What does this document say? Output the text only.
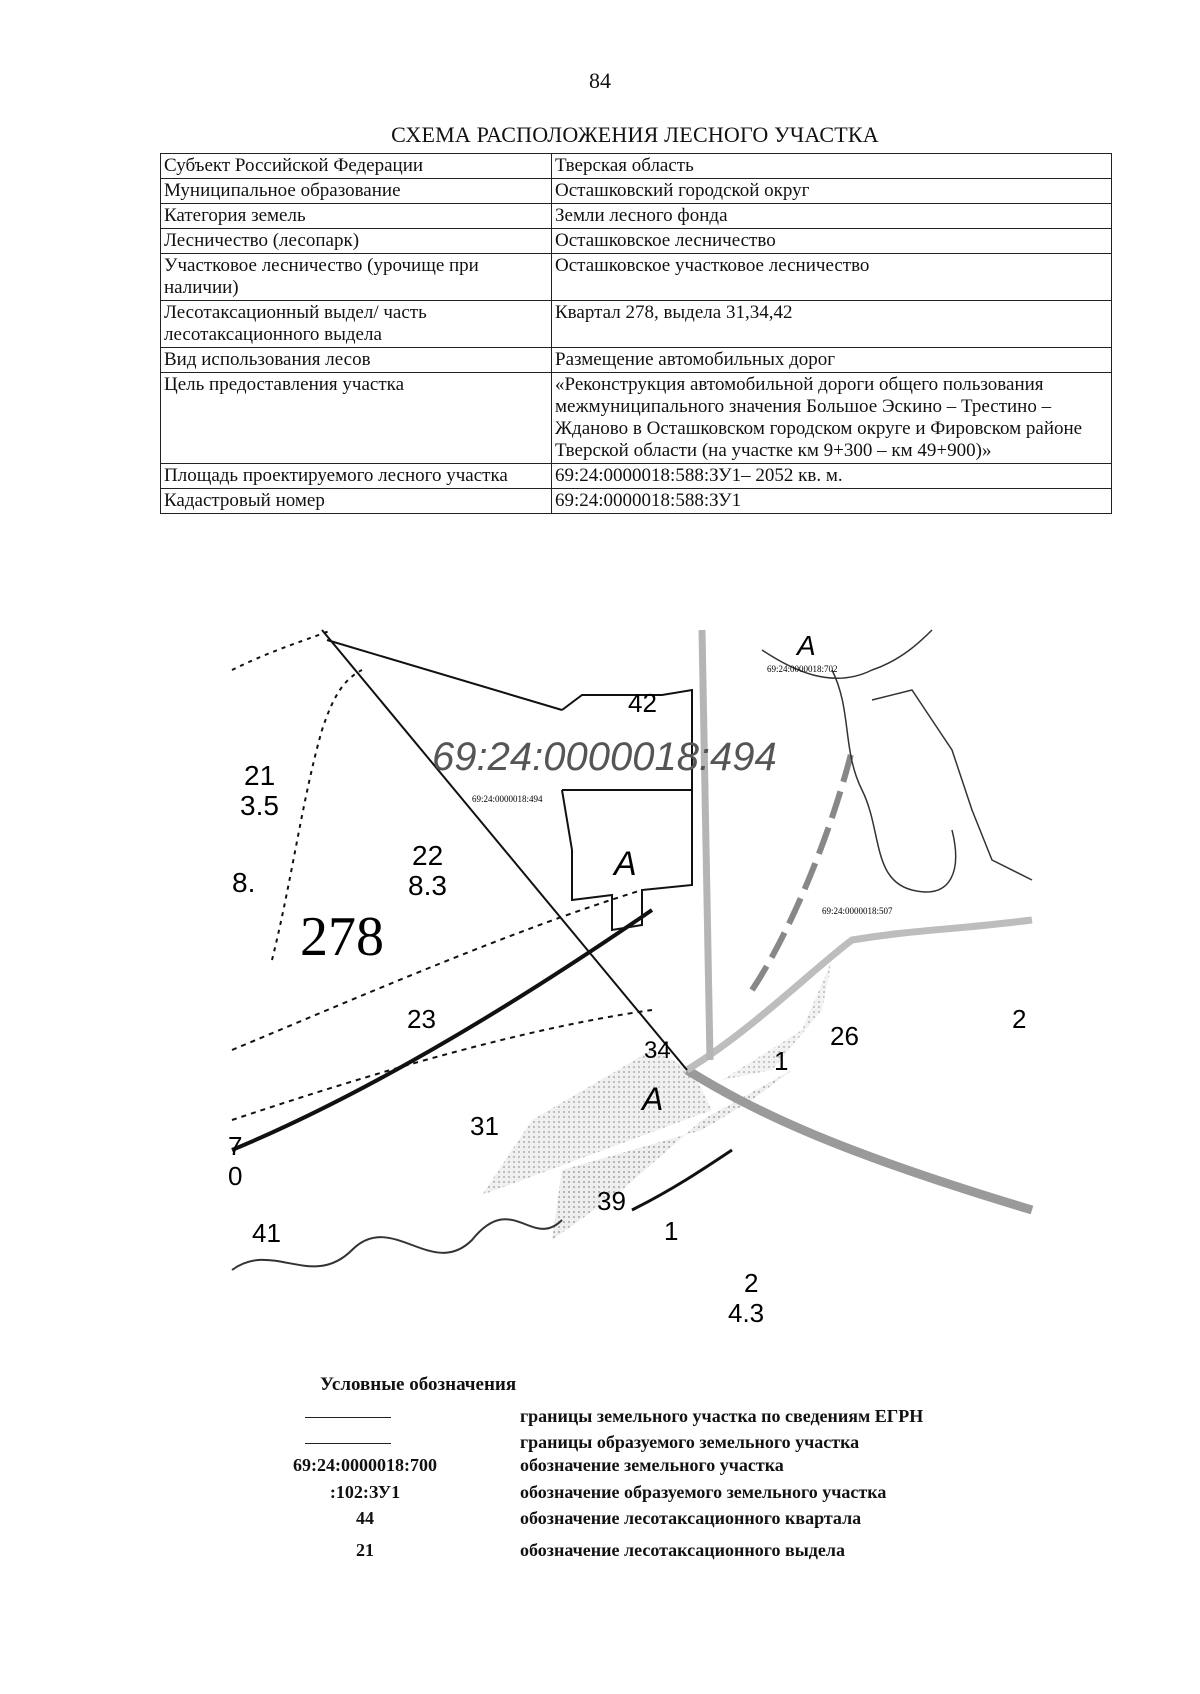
84
СХЕМА РАСПОЛОЖЕНИЯ ЛЕСНОГО УЧАСТКА
Субъект Российской Федерации	Тверская область
Муниципальное образование	Осташковский городской округ
Категория земель	Земли лесного фонда
Лесничество (лесопарк)	Осташковское лесничество
Участковое лесничество (урочище при наличии)	Осташковское участковое лесничество
Лесотаксационный выдел/ часть лесотаксационного выдела	Квартал 278, выдела 31,34,42
Вид использования лесов	Размещение автомобильных дорог
Цель предоставления участка	«Реконструкция автомобильной дороги общего пользования межмуниципального значения Большое Эскино – Трестино – Жданово в Осташковском городском округе и Фировском районе Тверской области (на участке км 9+300 – км 49+900)»
Площадь проектируемого лесного участка	69:24:0000018:588:ЗУ1– 2052 кв. м.
Кадастровый номер	69:24:0000018:588:ЗУ1
69:24:0000018:494
69:24:0000018:494
69:24:0000018:702
69:24:0000018:507
278
21
3.5
22
8.3
8.
23
31
34
39
41
42
26
1
1
2
4.3
2
7
0
A
A
A
Условные обозначения
границы земельного участка по сведениям ЕГРН
границы образуемого земельного участка
69:24:0000018:700	обозначение земельного участка
:102:ЗУ1	обозначение образуемого земельного участка
44	обозначение лесотаксационного квартала
21	обозначение лесотаксационного выдела
